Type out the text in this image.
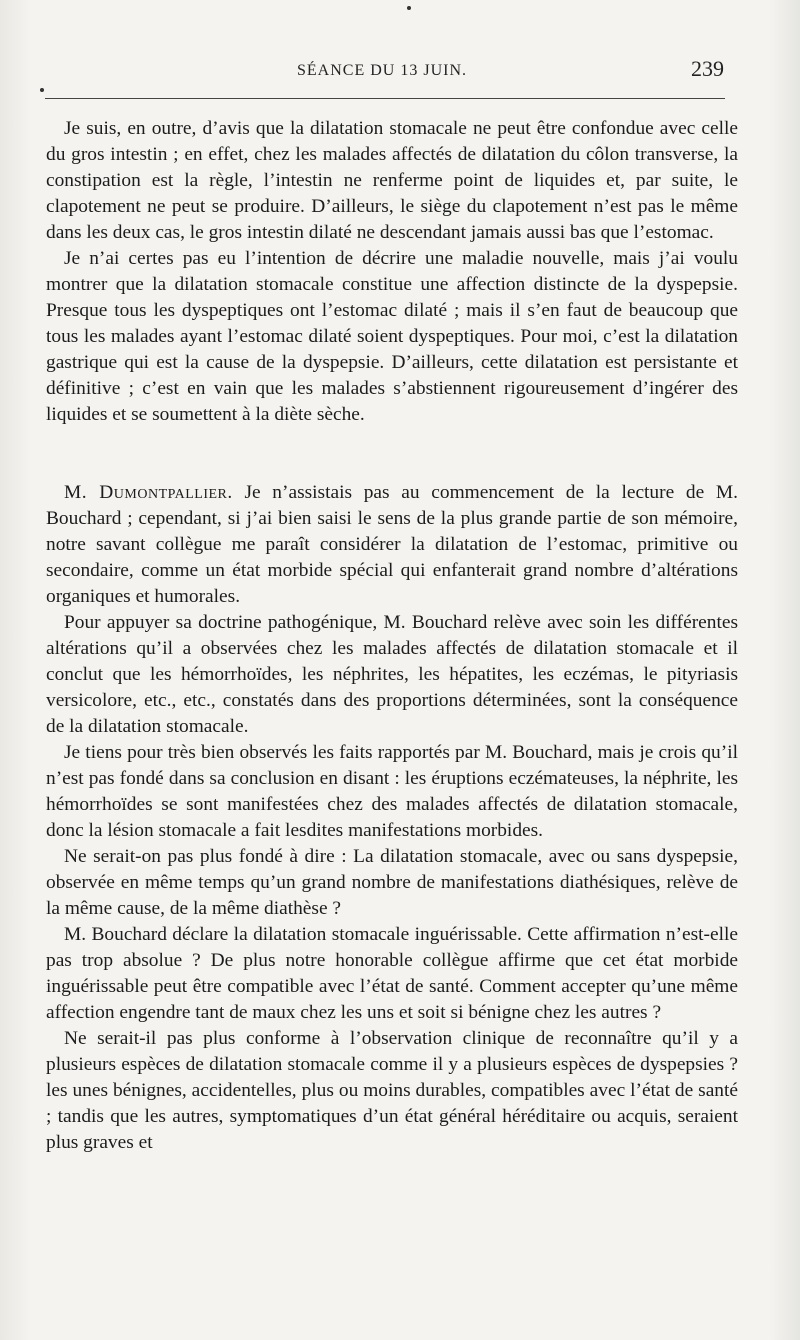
SÉANCE DU 13 JUIN.	239

Je suis, en outre, d’avis que la dilatation stomacale ne peut être confondue avec celle du gros intestin ; en effet, chez les malades affectés de dilatation du côlon transverse, la constipation est la règle, l’intestin ne renferme point de liquides et, par suite, le clapotement ne peut se produire. D’ailleurs, le siège du clapotement n’est pas le même dans les deux cas, le gros intestin dilaté ne descendant jamais aussi bas que l’estomac.

Je n’ai certes pas eu l’intention de décrire une maladie nouvelle, mais j’ai voulu montrer que la dilatation stomacale constitue une affection distincte de la dyspepsie. Presque tous les dyspeptiques ont l’estomac dilaté ; mais il s’en faut de beaucoup que tous les malades ayant l’estomac dilaté soient dyspeptiques. Pour moi, c’est la dilatation gastrique qui est la cause de la dyspepsie. D’ailleurs, cette dilatation est persistante et définitive ; c’est en vain que les malades s’abstiennent rigoureusement d’ingérer des liquides et se soumettent à la diète sèche.

M. Dumontpallier. Je n’assistais pas au commencement de la lecture de M. Bouchard ; cependant, si j’ai bien saisi le sens de la plus grande partie de son mémoire, notre savant collègue me paraît considérer la dilatation de l’estomac, primitive ou secondaire, comme un état morbide spécial qui enfanterait grand nombre d’altérations organiques et humorales.

Pour appuyer sa doctrine pathogénique, M. Bouchard relève avec soin les différentes altérations qu’il a observées chez les malades affectés de dilatation stomacale et il conclut que les hémorrhoïdes, les néphrites, les hépatites, les eczémas, le pityriasis versicolore, etc., etc., constatés dans des proportions déterminées, sont la conséquence de la dilatation stomacale.

Je tiens pour très bien observés les faits rapportés par M. Bouchard, mais je crois qu’il n’est pas fondé dans sa conclusion en disant : les éruptions eczémateuses, la néphrite, les hémorrhoïdes se sont manifestées chez des malades affectés de dilatation stomacale, donc la lésion stomacale a fait lesdites manifestations morbides.

Ne serait-on pas plus fondé à dire : La dilatation stomacale, avec ou sans dyspepsie, observée en même temps qu’un grand nombre de manifestations diathésiques, relève de la même cause, de la même diathèse ?

M. Bouchard déclare la dilatation stomacale inguérissable. Cette affirmation n’est-elle pas trop absolue ? De plus notre honorable collègue affirme que cet état morbide inguérissable peut être compatible avec l’état de santé. Comment accepter qu’une même affection engendre tant de maux chez les uns et soit si bénigne chez les autres ?

Ne serait-il pas plus conforme à l’observation clinique de reconnaître qu’il y a plusieurs espèces de dilatation stomacale comme il y a plusieurs espèces de dyspepsies ? les unes bénignes, accidentelles, plus ou moins durables, compatibles avec l’état de santé ; tandis que les autres, symptomatiques d’un état général héréditaire ou acquis, seraient plus graves et
